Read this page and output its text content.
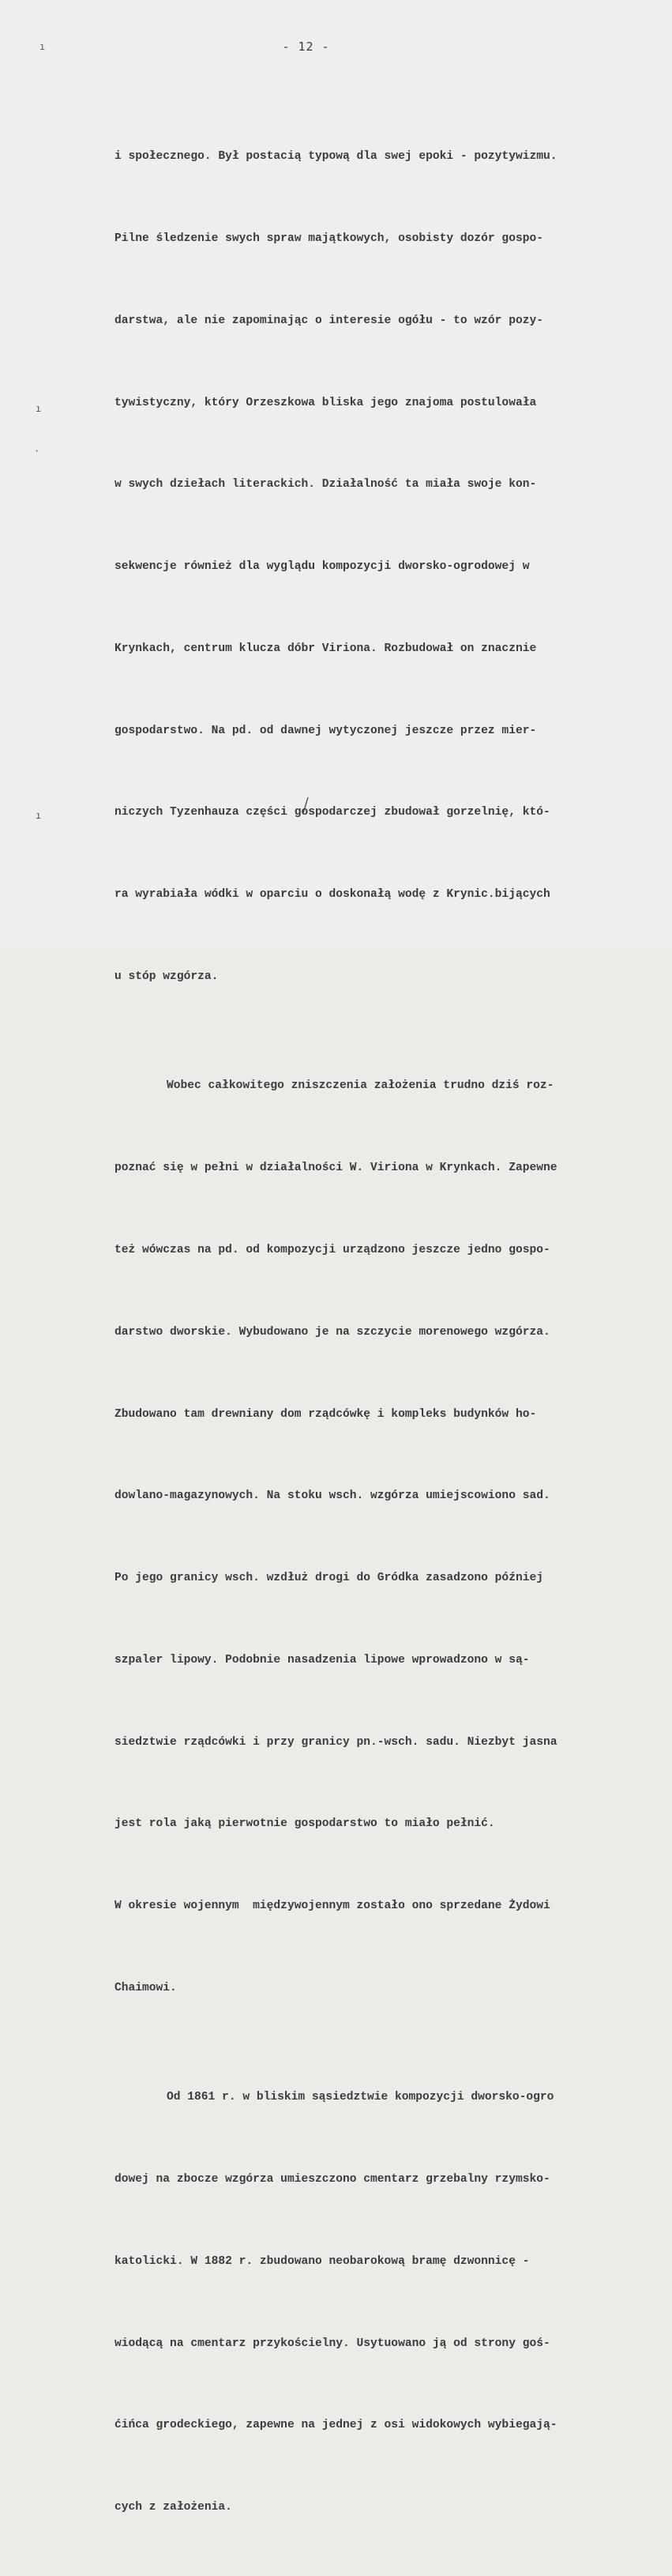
ı
ı
·
ı
- 12 -

i społecznego. Był postacią typową dla swej epoki - pozytywizmu.

Pilne śledzenie swych spraw majątkowych, osobisty dozór gospo-

darstwa, ale nie zapominając o interesie ogółu - to wzór pozy-

tywistyczny, który Orzeszkowa bliska jego znajoma postulowała

w swych dziełach literackich. Działalność ta miała swoje kon-

sekwencje również dla wyglądu kompozycji dworsko-ogrodowej w

Krynkach, centrum klucza dóbr Viriona. Rozbudował on znacznie

gospodarstwo. Na pd. od dawnej wytyczonej jeszcze przez mier-

niczych Tyzenhauza części gospodarczej zbudował gorzelnię, któ-

ra wyrabiała wódki w oparciu o doskonałą wodę z Krynic.bijących

u stóp wzgórza.

Wobec całkowitego zniszczenia założenia trudno dziś roz-

poznać się w pełni w działalności W. Viriona w Krynkach. Zapewne

też wówczas na pd. od kompozycji urządzono jeszcze jedno gospo-

darstwo dworskie. Wybudowano je na szczycie morenowego wzgórza.

Zbudowano tam drewniany dom rządcówkę i kompleks budynków ho-

dowlano-magazynowych. Na stoku wsch. wzgórza umiejscowiono sad.

Po jego granicy wsch. wzdłuż drogi do Gródka zasadzono później

szpaler lipowy. Podobnie nasadzenia lipowe wprowadzono w są-

siedztwie rządcówki i przy granicy pn.-wsch. sadu. Niezbyt jasna

jest rola jaką pierwotnie gospodarstwo to miało pełnić.

W okresie wojennym  międzywojennym zostało ono sprzedane Żydowi

Chaimowi.

Od 1861 r. w bliskim sąsiedztwie kompozycji dworsko-ogro

dowej na zbocze wzgórza umieszczono cmentarz grzebalny rzymsko-

katolicki. W 1882 r. zbudowano neobarokową bramę dzwonnicę -

wiodącą na cmentarz przykościelny. Usytuowano ją od strony goś-

ćińca grodeckiego, zapewne na jednej z osi widokowych wybiegają-

cych z założenia.
